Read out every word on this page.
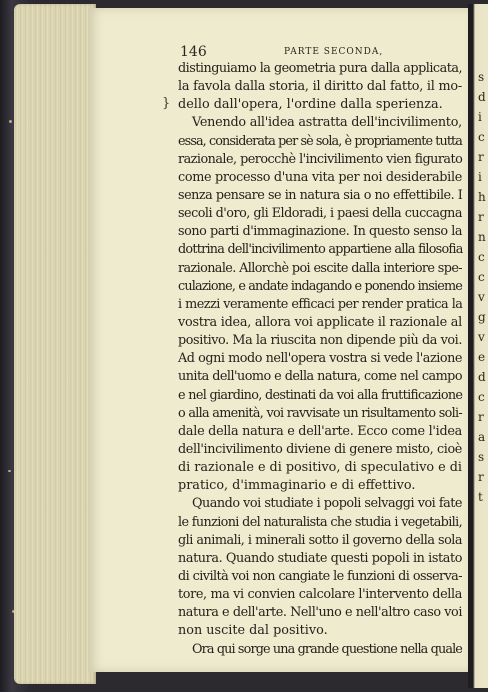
s
d
i
c
r
i
h
r
n
c
c
v
g
v
e
d
c
r
a
s
r
t
146	PARTE SECONDA,
}
distinguiamo la geometria pura dalla applicata,
la favola dalla storia, il diritto dal fatto, il mo-
dello dall'opera, l'ordine dalla sperienza.
Venendo all'idea astratta dell'incivilimento,
essa, considerata per sè sola, è propriamente tutta
razionale, perocchè l'incivilimento vien figurato
come processo d'una vita per noi desiderabile
senza pensare se in natura sia o no effettibile. I
secoli d'oro, gli Eldoradi, i paesi della cuccagna
sono parti d'immaginazione. In questo senso la
dottrina dell'incivilimento appartiene alla filosofia
razionale. Allorchè poi escite dalla interiore spe-
culazione, e andate indagando e ponendo insieme
i mezzi veramente efficaci per render pratica la
vostra idea, allora voi applicate il razionale al
positivo. Ma la riuscita non dipende più da voi.
Ad ogni modo nell'opera vostra si vede l'azione
unita dell'uomo e della natura, come nel campo
e nel giardino, destinati da voi alla fruttificazione
o alla amenità, voi ravvisate un risultamento soli-
dale della natura e dell'arte. Ecco come l'idea
dell'incivilimento diviene di genere misto, cioè
di razionale e di positivo, di speculativo e di
pratico, d'immaginario e di effettivo.
Quando voi studiate i popoli selvaggi voi fate
le funzioni del naturalista che studia i vegetabili,
gli animali, i minerali sotto il governo della sola
natura. Quando studiate questi popoli in istato
di civiltà voi non cangiate le funzioni di osserva-
tore, ma vi convien calcolare l'intervento della
natura e dell'arte. Nell'uno e nell'altro caso voi
non uscite dal positivo.
Ora qui sorge una grande questione nella quale
